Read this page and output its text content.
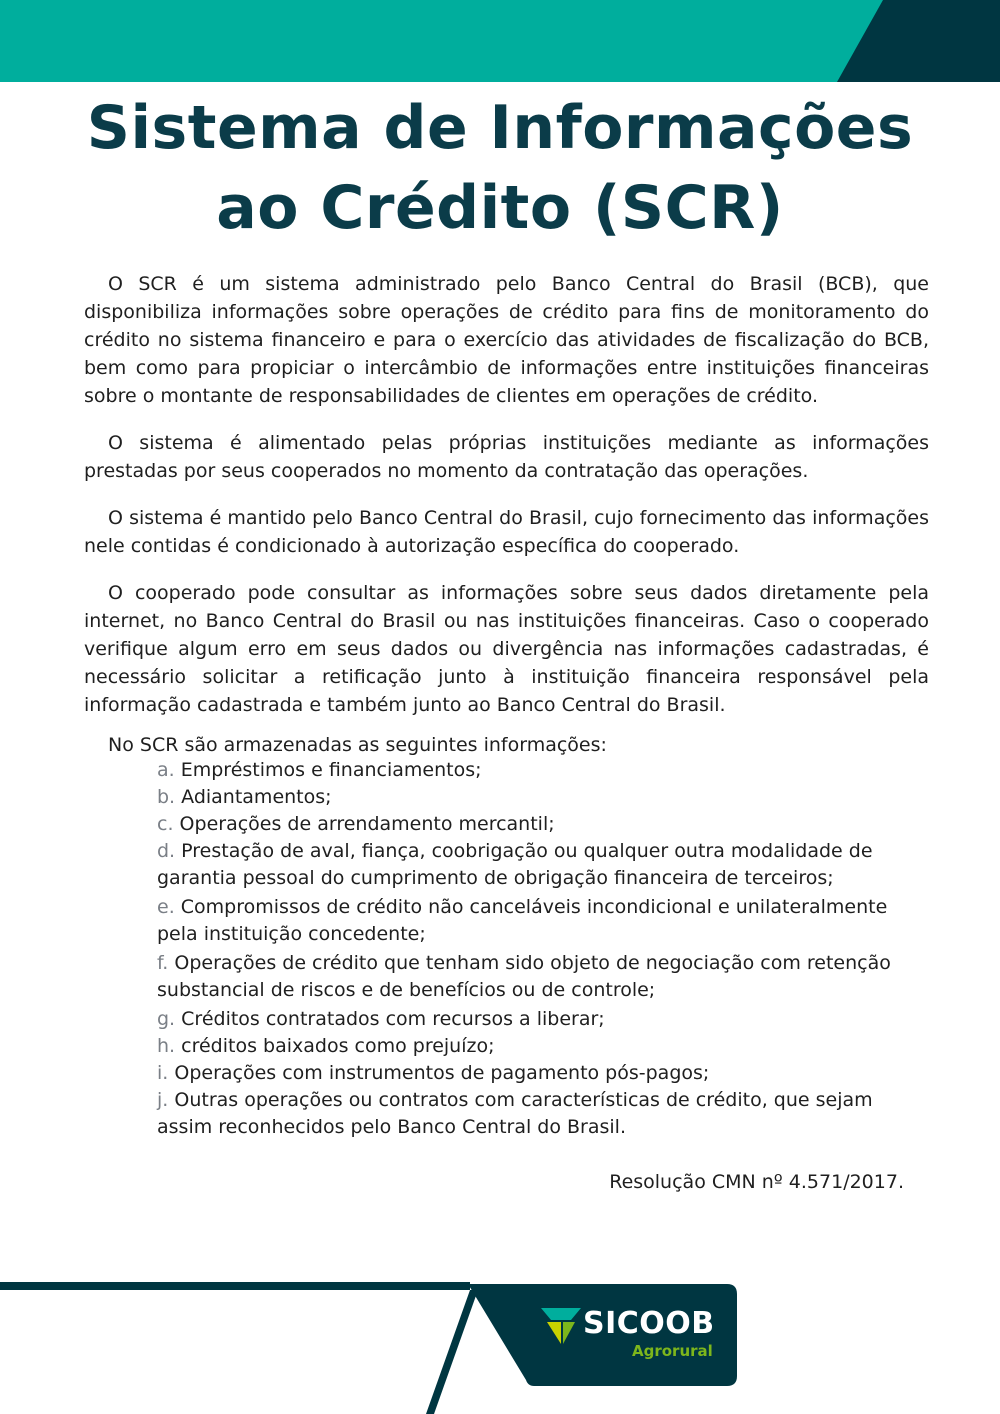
Sistema de Informações
ao Crédito (SCR)

O SCR é um sistema administrado pelo Banco Central do Brasil (BCB), que disponibiliza informações sobre operações de crédito para fins de monitoramento do crédito no sistema financeiro e para o exercício das atividades de fiscalização do BCB, bem como para propiciar o intercâmbio de informações entre instituições financeiras sobre o montante de responsabilidades de clientes em operações de crédito.

O sistema é alimentado pelas próprias instituições mediante as informações prestadas por seus cooperados no momento da contratação das operações.

O sistema é mantido pelo Banco Central do Brasil, cujo fornecimento das informações nele contidas é condicionado à autorização específica do cooperado.

O cooperado pode consultar as informações sobre seus dados diretamente pela internet, no Banco Central do Brasil ou nas instituições financeiras. Caso o cooperado verifique algum erro em seus dados ou divergência nas informações cadastradas, é necessário solicitar a retificação junto à instituição financeira responsável pela informação cadastrada e também junto ao Banco Central do Brasil.

No SCR são armazenadas as seguintes informações:

a. Empréstimos e financiamentos;
b. Adiantamentos;
c. Operações de arrendamento mercantil;
d. Prestação de aval, fiança, coobrigação ou qualquer outra modalidade de garantia pessoal do cumprimento de obrigação financeira de terceiros;
e. Compromissos de crédito não canceláveis incondicional e unilateralmente pela instituição concedente;
f. Operações de crédito que tenham sido objeto de negociação com retenção substancial de riscos e de benefícios ou de controle;
g. Créditos contratados com recursos a liberar;
h. créditos baixados como prejuízo;
i. Operações com instrumentos de pagamento pós-pagos;
j. Outras operações ou contratos com características de crédito, que sejam assim reconhecidos pelo Banco Central do Brasil.

Resolução CMN nº 4.571/2017.

SICOOB
Agrorural
